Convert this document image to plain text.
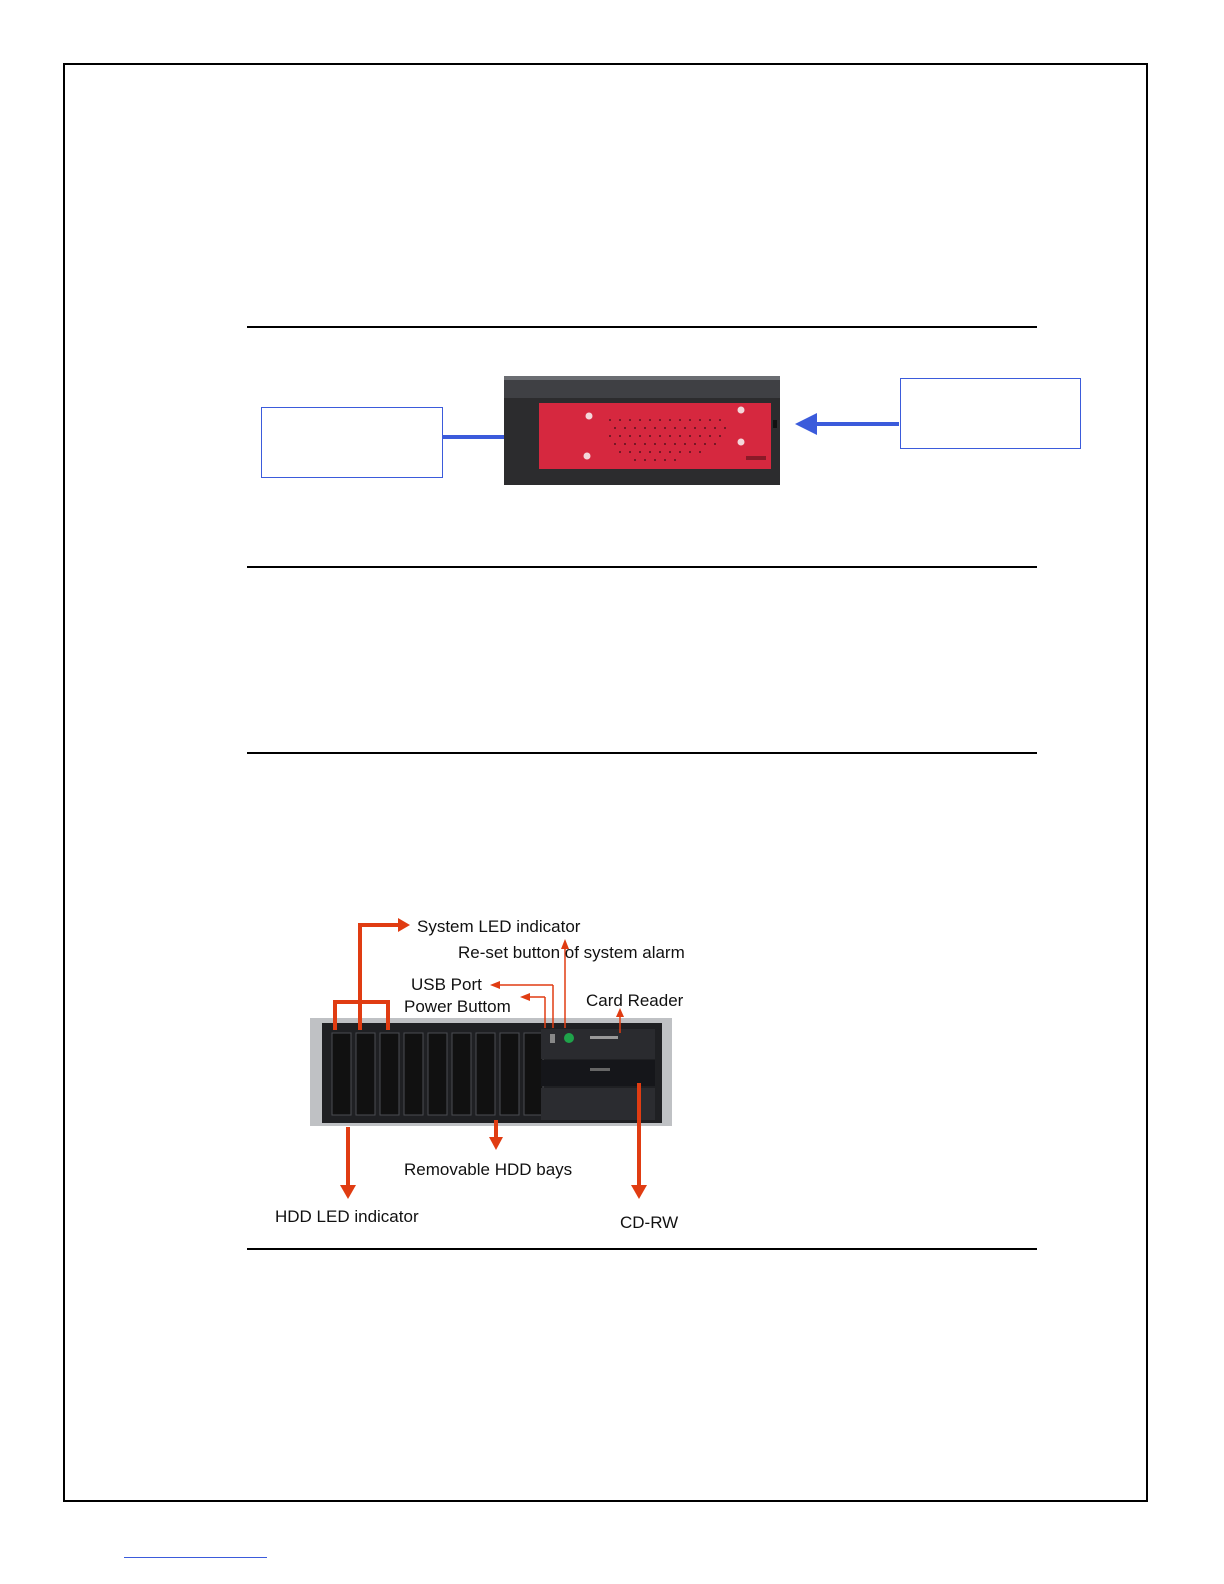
System LED indicator
Re-set button of system alarm
USB Port
Power Buttom	Card Reader
Removable HDD bays
HDD LED indicator	CD-RW
